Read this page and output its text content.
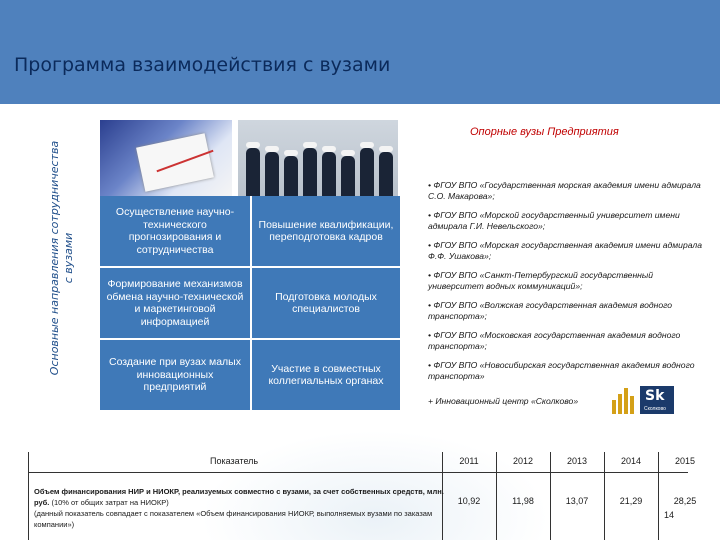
Программа взаимодействия с вузами
Основные направления сотрудничества с вузами
Осуществление научно-технического прогнозирования и сотрудничества
Повышение квалификации, переподготовка кадров
Формирование механизмов обмена научно-технической и маркетинговой информацией
Подготовка молодых специалистов
Создание при вузах малых инновационных предприятий
Участие в совместных коллегиальных органах
Опорные вузы Предприятия
• ФГОУ ВПО «Государственная морская академия имени адмирала С.О. Макарова»;
• ФГОУ ВПО «Морской государственный университет имени адмирала Г.И. Невельского»;
• ФГОУ ВПО «Морская государственная академия имени адмирала Ф.Ф. Ушакова»;
• ФГОУ ВПО «Санкт-Петербургский государственный университет водных коммуникаций»;
• ФГОУ ВПО «Волжская государственная академия водного транспорта»;
• ФГОУ ВПО «Московская государственная академия водного транспорта»;
• ФГОУ ВПО «Новосибирская государственная академия водного транспорта»
+ Инновационный центр «Сколково»	Sk
Сколково
Показатель	2011	2012	2013	2014	2015
Объем финансирования НИР и НИОКР, реализуемых совместно с вузами, за счет собственных средств, млн. руб. (10% от общих затрат на НИОКР)
(данный показатель совпадает с показателем «Объем финансирования НИОКР, выполняемых вузами по заказам компании»)
10,92	11,98	13,07	21,29	28,25
14
